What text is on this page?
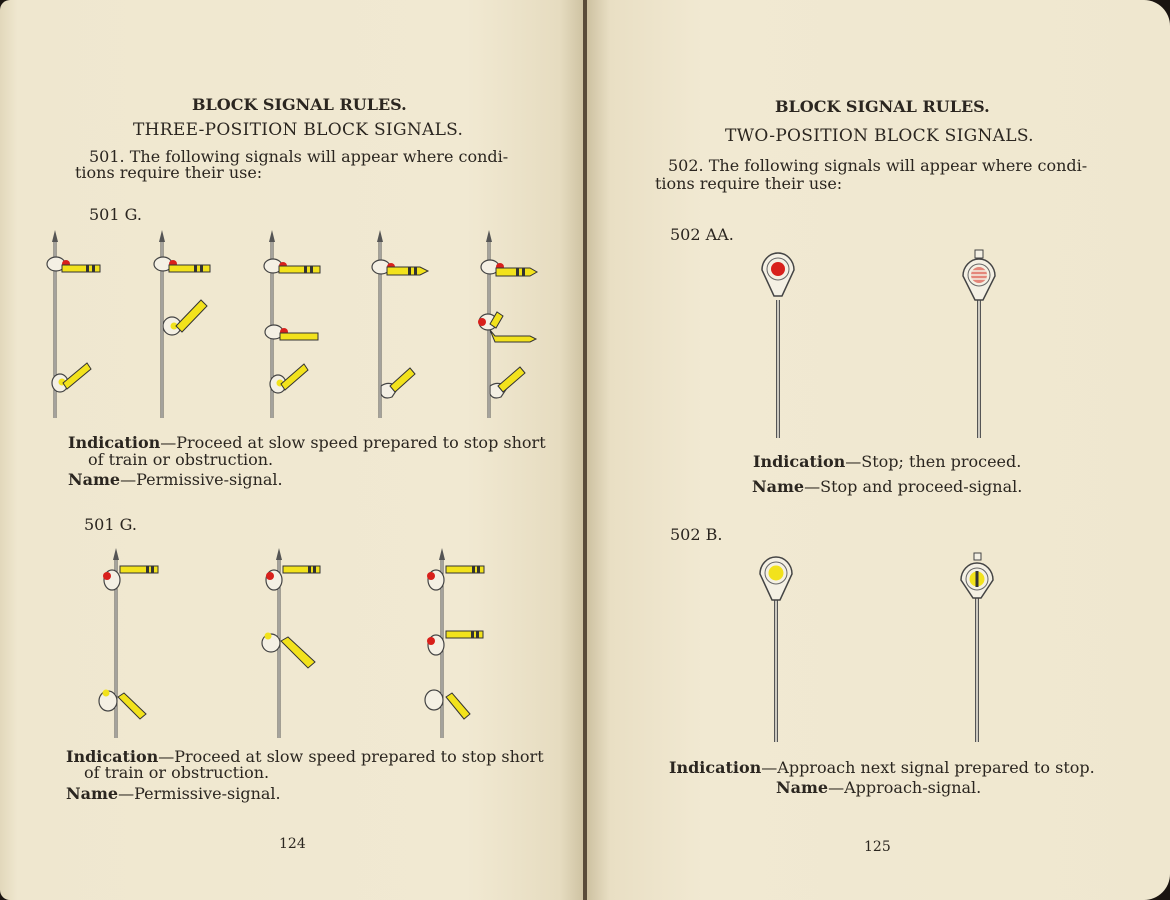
BLOCK SIGNAL RULES.

THREE-POSITION BLOCK SIGNALS.

501. The following signals will appear where condi-

tions require their use:

501 G.

Indication—Proceed at slow speed prepared to stop short

of train or obstruction.

Name—Permissive-signal.

501 G.

Indication—Proceed at slow speed prepared to stop short

of train or obstruction.

Name—Permissive-signal.

124

BLOCK SIGNAL RULES.

TWO-POSITION BLOCK SIGNALS.

502. The following signals will appear where condi-

tions require their use:

502 AA.

Indication—Stop; then proceed.

Name—Stop and proceed-signal.

502 B.

Indication—Approach next signal prepared to stop.

Name—Approach-signal.

125
